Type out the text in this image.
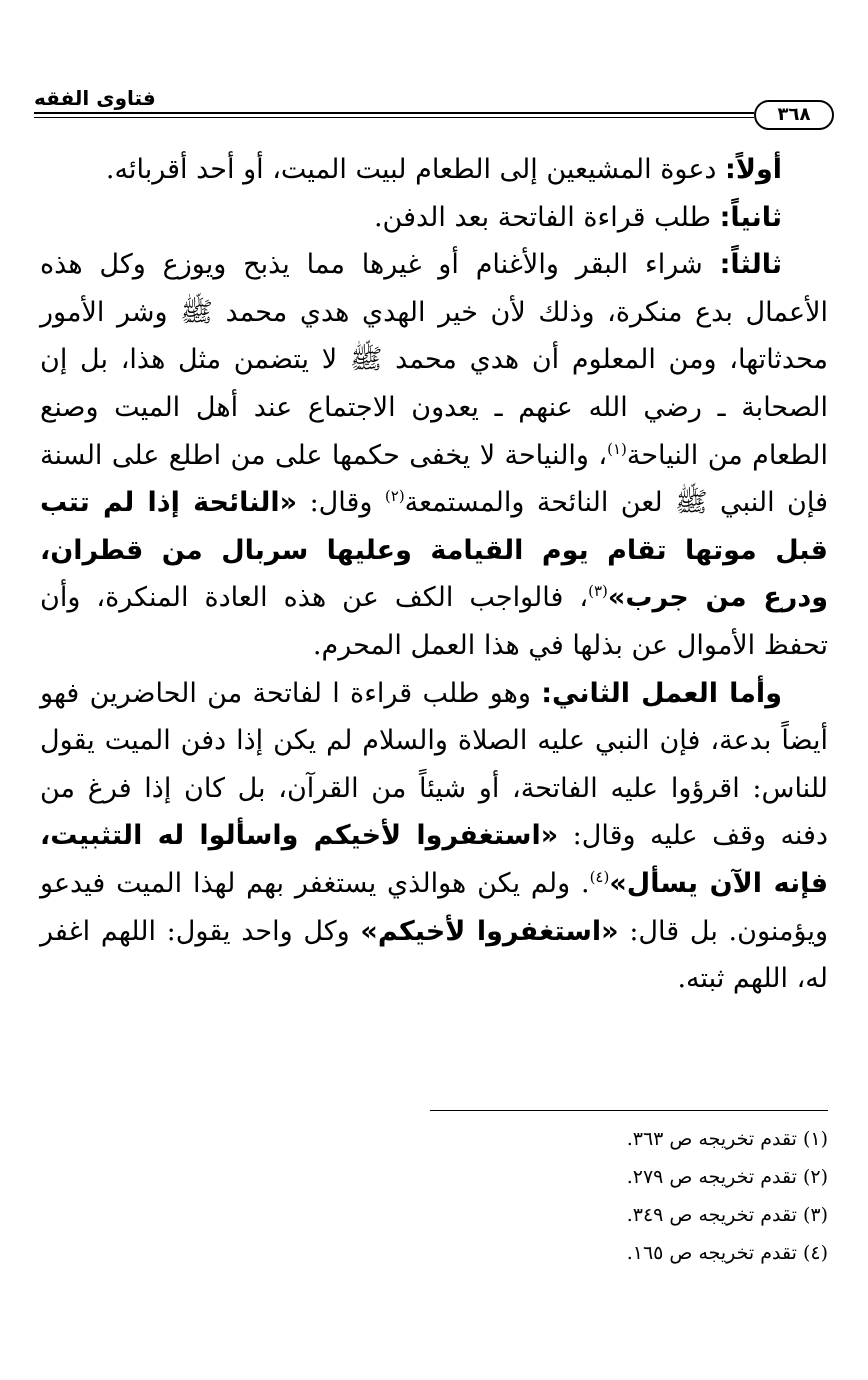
فتاوى الفقه
٣٦٨

أولاً: دعوة المشيعين إلى الطعام لبيت الميت، أو أحد أقربائه.

ثانياً: طلب قراءة الفاتحة بعد الدفن.

ثالثاً: شراء البقر والأغنام أو غيرها مما يذبح ويوزع وكل هذه الأعمال بدع منكرة، وذلك لأن خير الهدي هدي محمد ﷺ وشر الأمور محدثاتها، ومن المعلوم أن هدي محمد ﷺ لا يتضمن مثل هذا، بل إن الصحابة ـ رضي الله عنهم ـ يعدون الاجتماع عند أهل الميت وصنع الطعام من النياحة$^{(١)}$، والنياحة لا يخفى حكمها على من اطلع على السنة فإن النبي ﷺ لعن النائحة والمستمعة$^{(٢)}$ وقال: «النائحة إذا لم تتب قبل موتها تقام يوم القيامة وعليها سربال من قطران، ودرع من جرب»$^{(٣)}$، فالواجب الكف عن هذه العادة المنكرة، وأن تحفظ الأموال عن بذلها في هذا العمل المحرم.

وأما العمل الثاني: وهو طلب قراءة ا لفاتحة من الحاضرين فهو أيضاً بدعة، فإن النبي عليه الصلاة والسلام لم يكن إذا دفن الميت يقول للناس: اقرؤوا عليه الفاتحة، أو شيئاً من القرآن، بل كان إذا فرغ من دفنه وقف عليه وقال: «استغفروا لأخيكم واسألوا له التثبيت، فإنه الآن يسأل»$^{(٤)}$. ولم يكن هوالذي يستغفر بهم لهذا الميت فيدعو ويؤمنون. بل قال: «استغفروا لأخيكم» وكل واحد يقول: اللهم اغفر له، اللهم ثبته.

(١) تقدم تخريجه ص ٣٦٣.

(٢) تقدم تخريجه ص ٢٧٩.

(٣) تقدم تخريجه ص ٣٤٩.

(٤) تقدم تخريجه ص ١٦٥.
